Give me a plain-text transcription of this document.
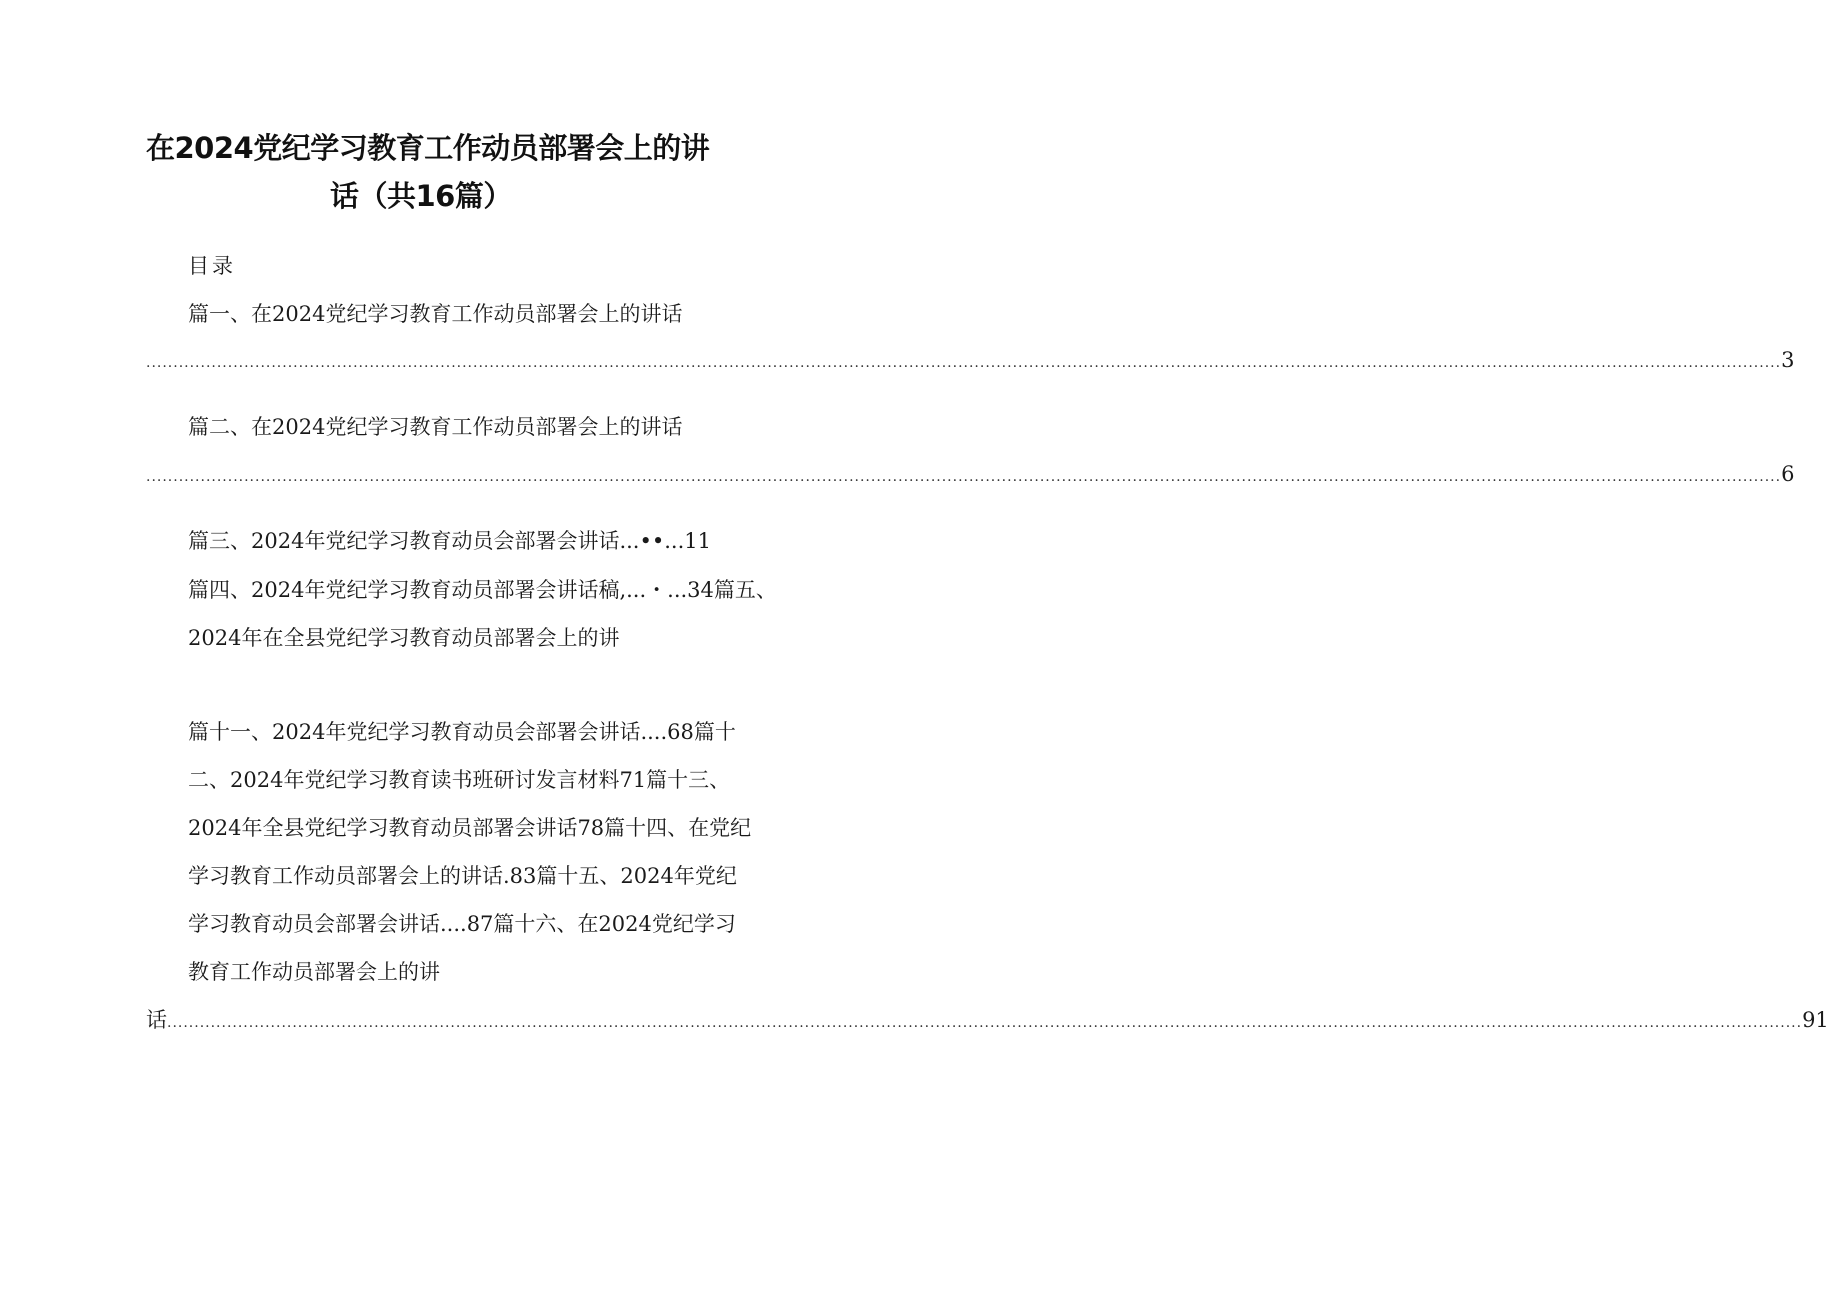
在2024党纪学习教育工作动员部署会上的讲
话（共16篇）
目录
篇一、在2024党纪学习教育工作动员部署会上的讲话
............................................................................................................................................................................................................................................................................................................ 3
篇二、在2024党纪学习教育工作动员部署会上的讲话
............................................................................................................................................................................................................................................................................................................ 6
篇三、2024年党纪学习教育动员会部署会讲话...••...11
篇四、2024年党纪学习教育动员部署会讲话稿,...・...34篇五、
2024年在全县党纪学习教育动员部署会上的讲
篇十一、2024年党纪学习教育动员会部署会讲话....68篇十
二、2024年党纪学习教育读书班研讨发言材料71篇十三、
2024年全县党纪学习教育动员部署会讲话78篇十四、在党纪
学习教育工作动员部署会上的讲话.83篇十五、2024年党纪
学习教育动员会部署会讲话....87篇十六、在2024党纪学习
教育工作动员部署会上的讲
话 ............................................................................................................................................................................................................................................................................................................ 91
